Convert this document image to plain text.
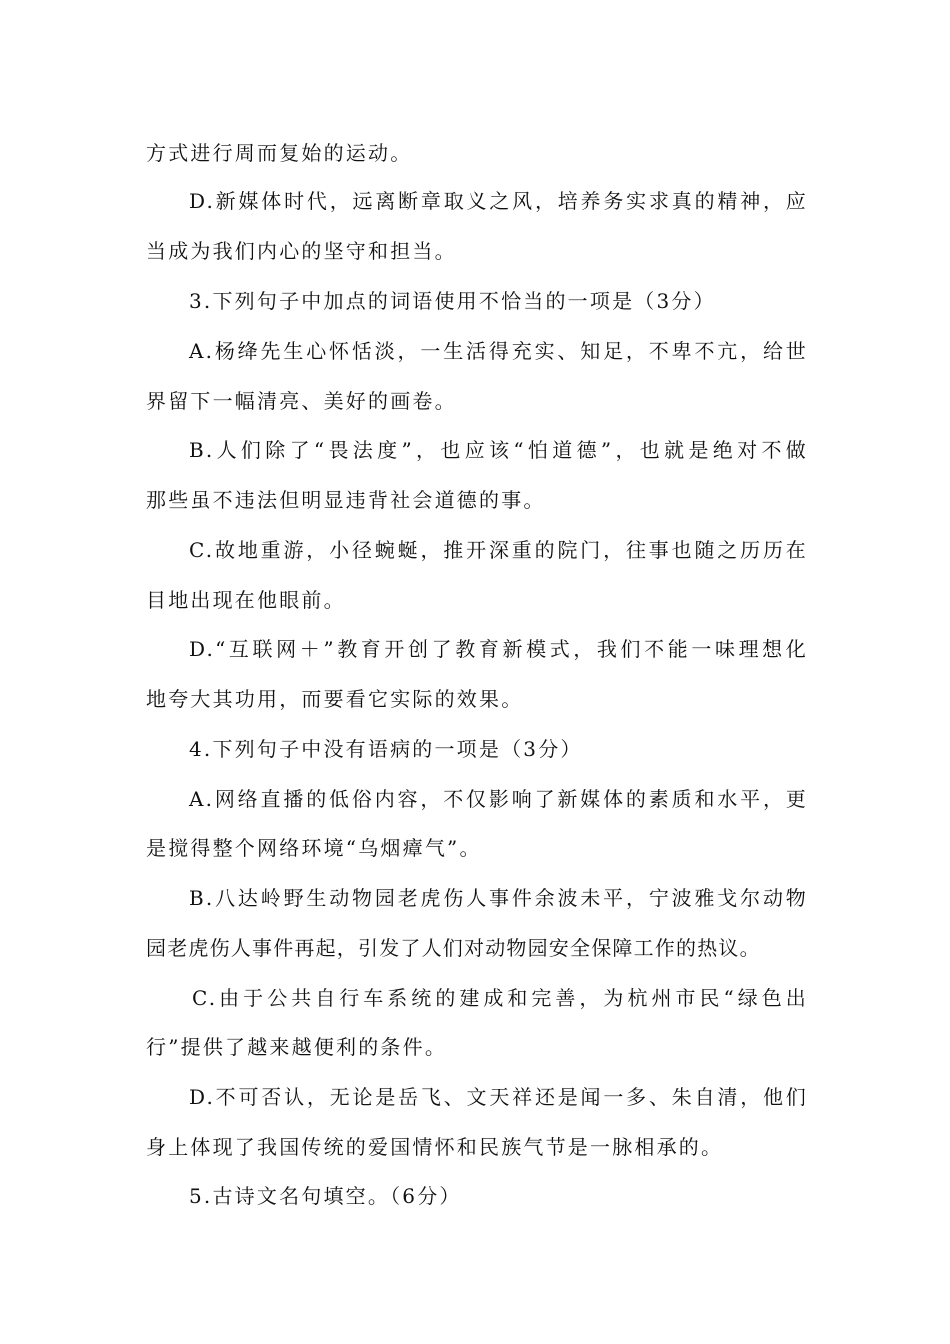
方式进行周而复始的运动。
D.新媒体时代，远离断章取义之风，培养务实求真的精神，应
当成为我们内心的坚守和担当。
3.下列句子中加点的词语使用不恰当的一项是（3分）
A.杨绛先生心怀恬淡，一生活得充实、知足，不卑不亢，给世
界留下一幅清亮、美好的画卷。
B.人们除了“畏法度”，也应该“怕道德”，也就是绝对不做
那些虽不违法但明显违背社会道德的事。
C.故地重游，小径蜿蜒，推开深重的院门，往事也随之历历在
目地出现在他眼前。
D.“互联网＋”教育开创了教育新模式，我们不能一味理想化
地夸大其功用，而要看它实际的效果。
4.下列句子中没有语病的一项是（3分）
A.网络直播的低俗内容，不仅影响了新媒体的素质和水平，更
是搅得整个网络环境“乌烟瘴气”。
B.八达岭野生动物园老虎伤人事件余波未平，宁波雅戈尔动物
园老虎伤人事件再起，引发了人们对动物园安全保障工作的热议。
C.由于公共自行车系统的建成和完善，为杭州市民“绿色出
行”提供了越来越便利的条件。
D.不可否认，无论是岳飞、文天祥还是闻一多、朱自清，他们
身上体现了我国传统的爱国情怀和民族气节是一脉相承的。
5.古诗文名句填空。（6分）
